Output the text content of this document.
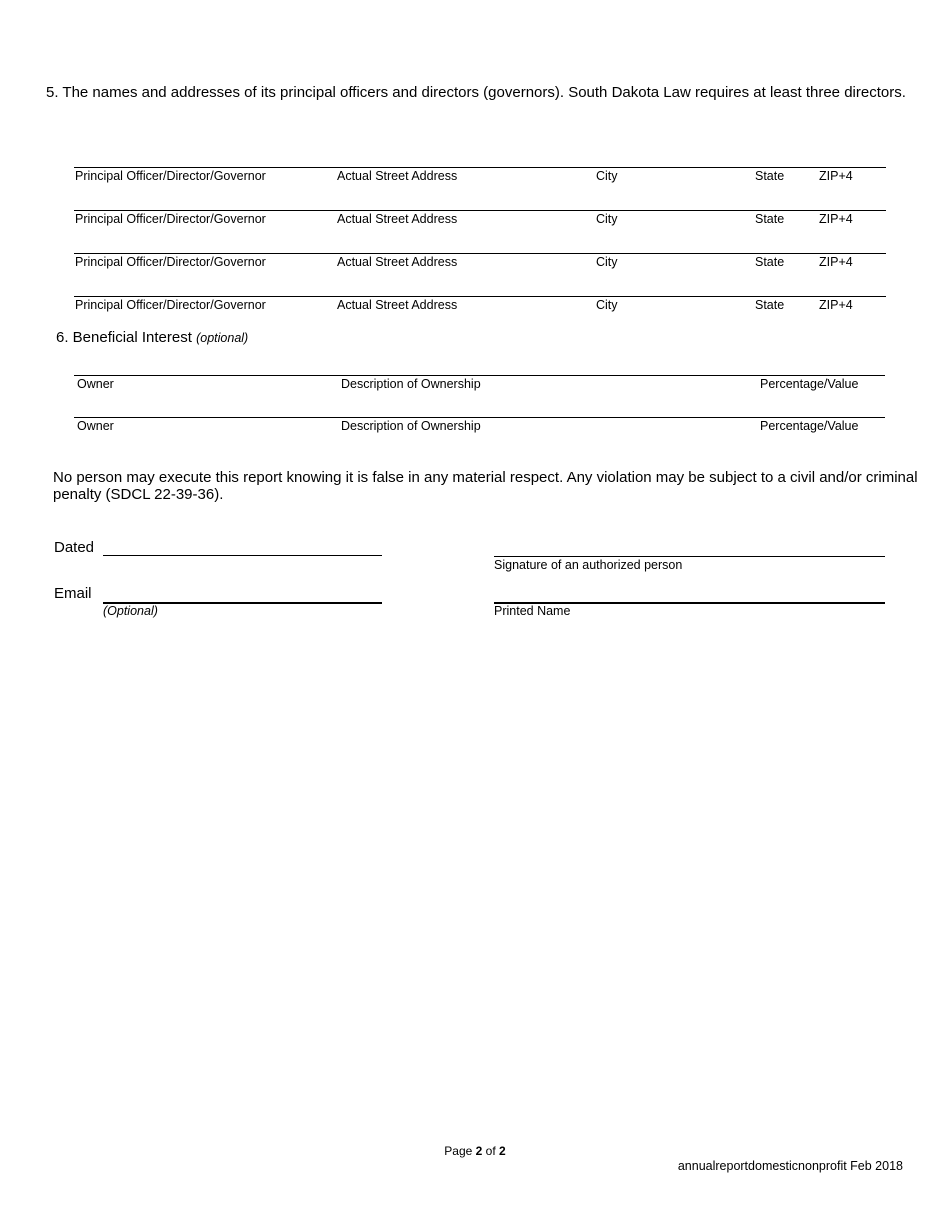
5. The names and addresses of its principal officers and directors (governors). South Dakota Law requires at least three directors.
Principal Officer/Director/Governor	Actual Street Address	City	State	ZIP+4
Principal Officer/Director/Governor	Actual Street Address	City	State	ZIP+4
Principal Officer/Director/Governor	Actual Street Address	City	State	ZIP+4
Principal Officer/Director/Governor	Actual Street Address	City	State	ZIP+4
6. Beneficial Interest (optional)
Owner	Description of Ownership	Percentage/Value
Owner	Description of Ownership	Percentage/Value
No person may execute this report knowing it is false in any material respect. Any violation may be subject to a civil and/or criminal penalty (SDCL 22-39-36).
Dated
Signature of an authorized person
Email
(Optional)	Printed Name
Page 2 of 2
annualreportdomesticnonprofit Feb 2018
